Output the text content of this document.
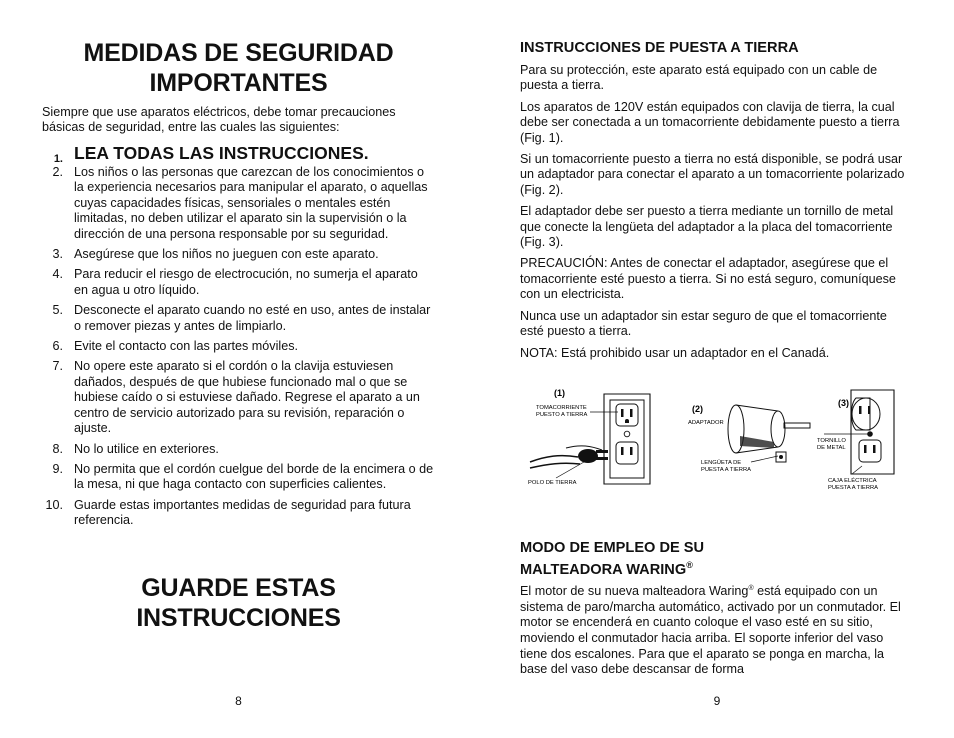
MEDIDAS DE SEGURIDAD
IMPORTANTES

Siempre que use aparatos eléctricos, debe tomar precauciones básicas de seguridad, entre las cuales las siguientes:

1. LEA TODAS LAS INSTRUCCIONES.
2. Los niños o las personas que carezcan de los conocimientos o la experiencia necesarios para manipular el aparato, o aquellas cuyas capacidades físicas, sensoriales o mentales estén limitadas, no deben utilizar el aparato sin la supervisión o la dirección de una persona responsable por su seguridad.
3. Asegúrese que los niños no jueguen con este aparato.
4. Para reducir el riesgo de electrocución, no sumerja el aparato en agua u otro líquido.
5. Desconecte el aparato cuando no esté en uso, antes de instalar o remover piezas y antes de limpiarlo.
6. Evite el contacto con las partes móviles.
7. No opere este aparato si el cordón o la clavija estuviesen dañados, después de que hubiese funcionado mal o que se hubiese caído o si estuviese dañado. Regrese el aparato a un centro de servicio autorizado para su revisión, reparación o ajuste.
8. No lo utilice en exteriores.
9. No permita que el cordón cuelgue del borde de la encimera o de la mesa, ni que haga contacto con superficies calientes.
10. Guarde estas importantes medidas de seguridad para futura referencia.
GUARDE ESTAS
INSTRUCCIONES
8
INSTRUCCIONES DE PUESTA A TIERRA

Para su protección, este aparato está equipado con un cable de puesta a tierra.

Los aparatos de 120V están equipados con clavija de tierra, la cual debe ser conectada a un tomacorriente debidamente puesto a tierra (Fig. 1).

Si un tomacorriente puesto a tierra no está disponible, se podrá usar un adaptador para conectar el aparato a un tomacorriente polarizado (Fig. 2).

El adaptador debe ser puesto a tierra mediante un tornillo de metal que conecte la lengüeta del adaptador a la placa del tomacorriente (Fig. 3).

PRECAUCIÓN: Antes de conectar el adaptador, asegúrese que el tomacorriente esté puesto a tierra. Si no está seguro, comuníquese con un electricista.

Nunca use un adaptador sin estar seguro de que el tomacorriente esté puesto a tierra.

NOTA: Está prohibido usar un adaptador en el Canadá.

(1)
TOMACORRIENTE
PUESTO A TIERRA
POLO DE TIERRA
(2)
ADAPTADOR
LENGÜETA DE
PUESTA A TIERRA
(3)
TORNILLO
DE METAL
CAJA ELÉCTRICA
PUESTA A TIERRA
MODO DE EMPLEO DE SU
MALTEADORA WARING®

El motor de su nueva malteadora Waring® está equipado con un sistema de paro/marcha automático, activado por un conmutador. El motor se encenderá en cuanto coloque el vaso esté en su sitio, moviendo el conmutador hacia arriba. El soporte inferior del vaso tiene dos escalones. Para que el aparato se ponga en marcha, la base del vaso debe descansar de forma

9
